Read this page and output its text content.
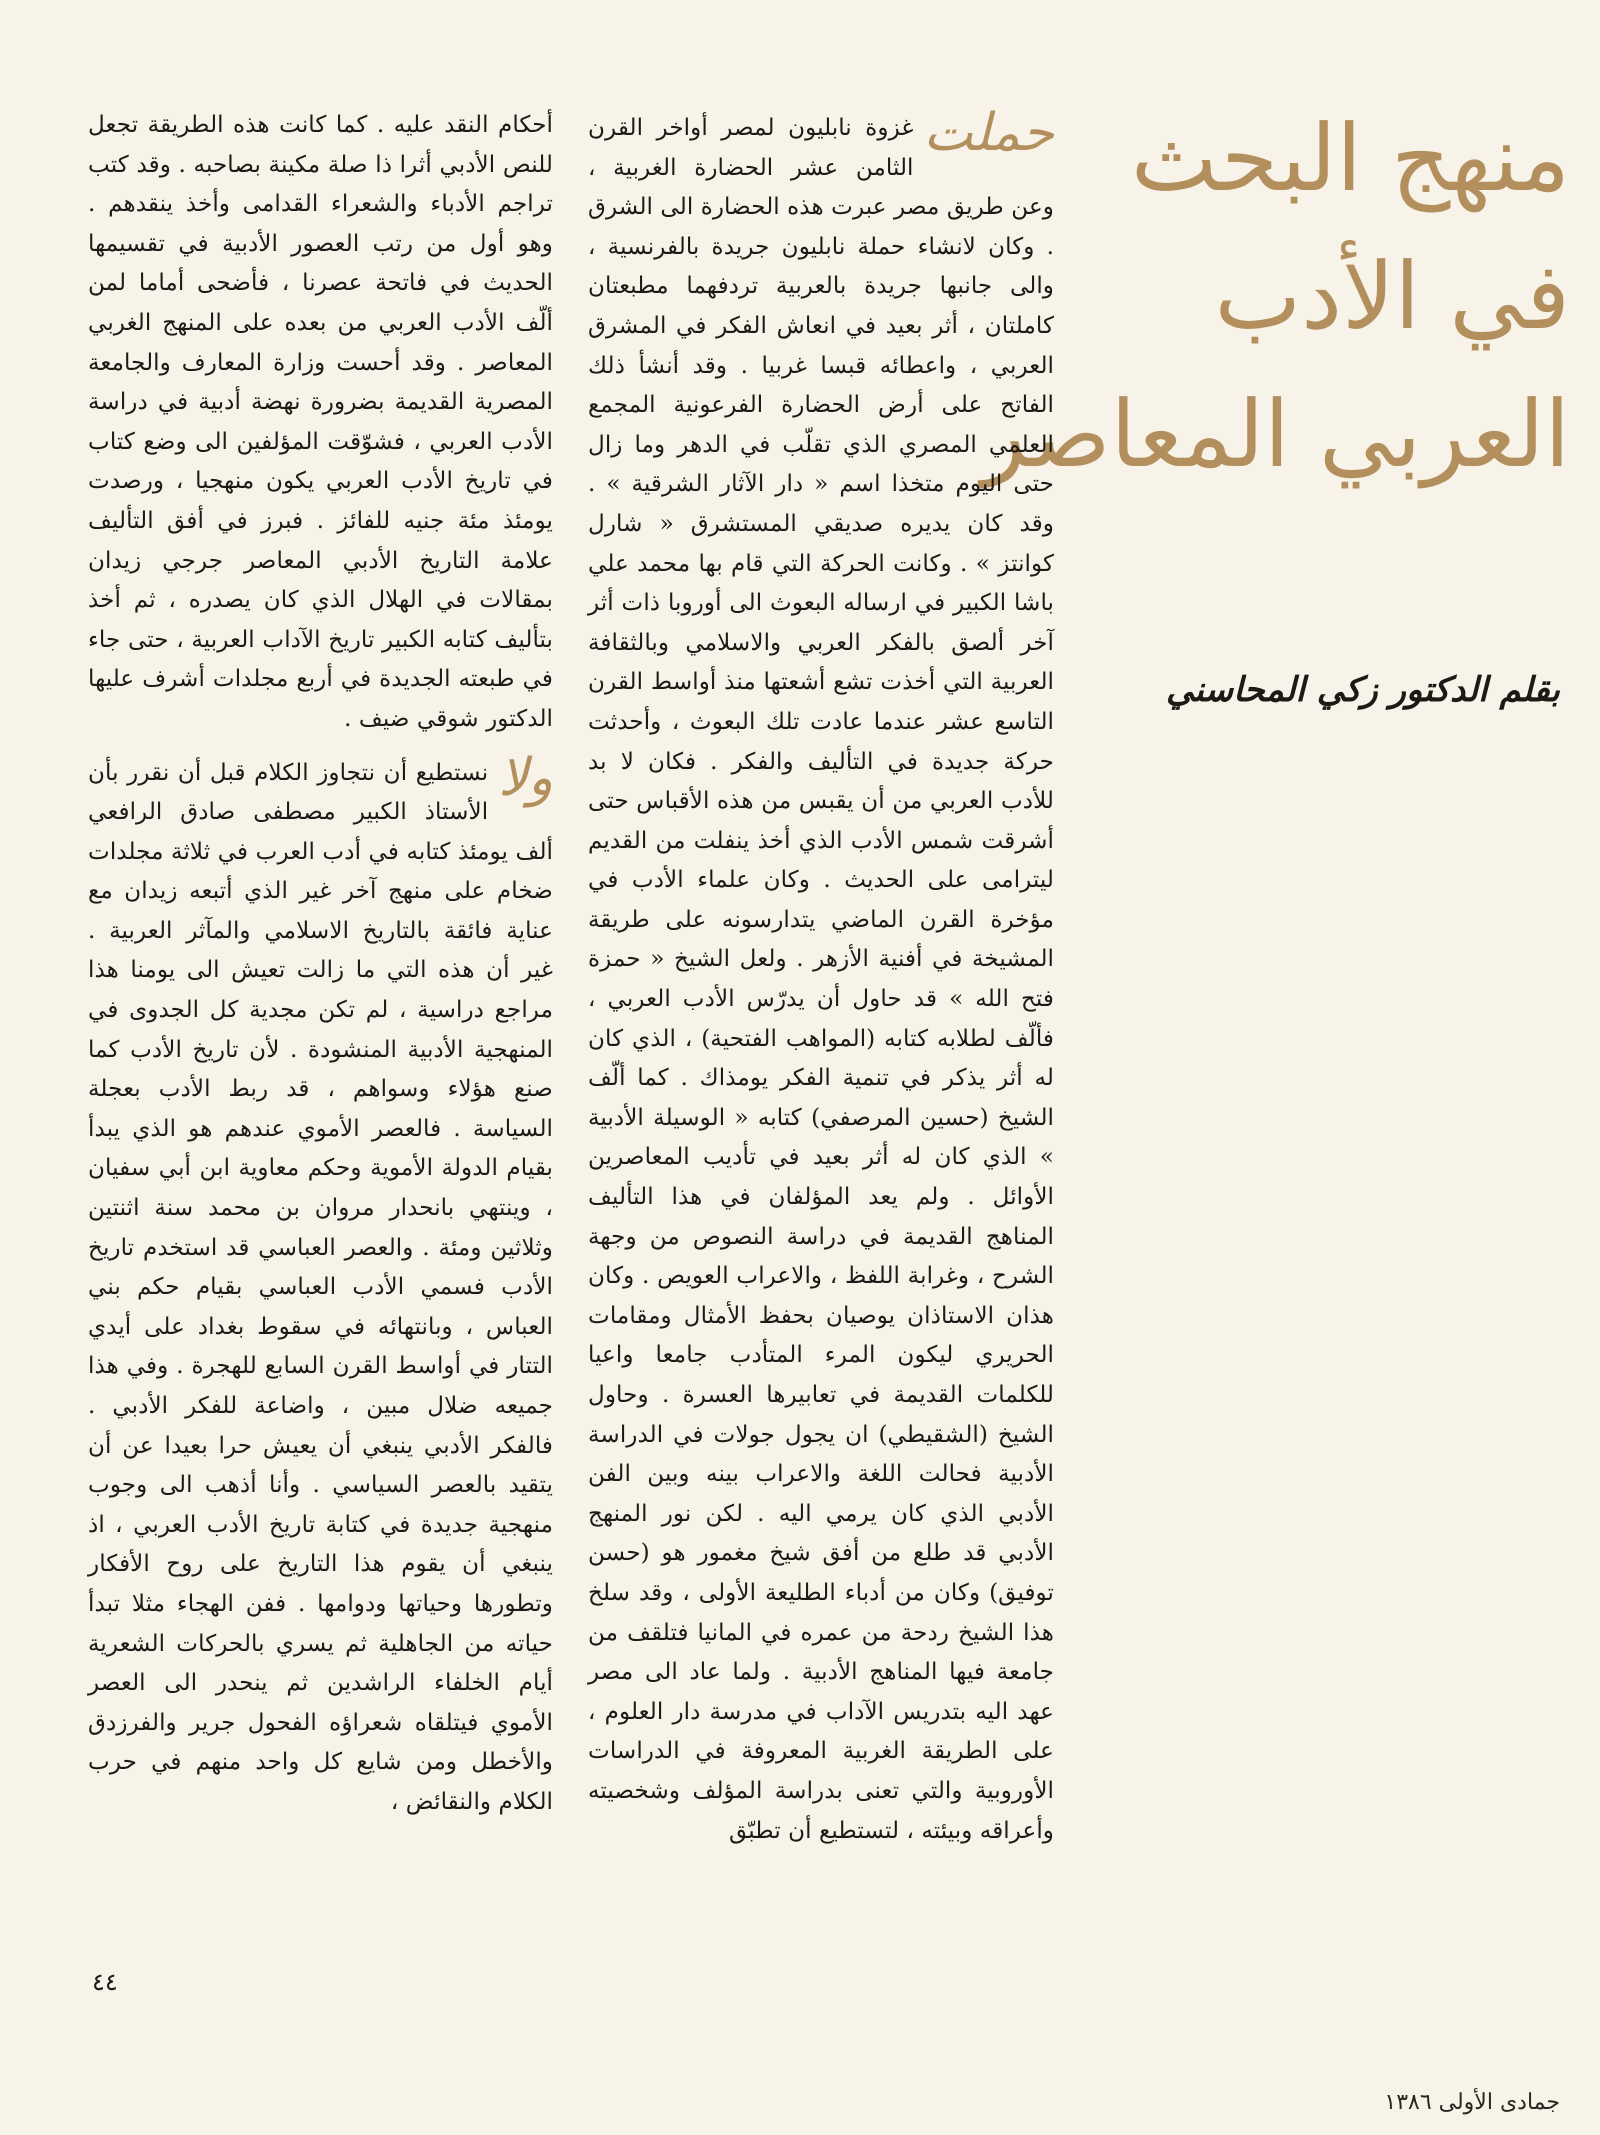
منهج البحث
في الأدب
العربي المعاصر
بقلم الدكتور زكي المحاسني

حملت
غزوة نابليون لمصر أواخر القرن الثامن عشر الحضارة الغربية ، وعن طريق مصر عبرت هذه الحضارة الى الشرق . وكان لانشاء حملة نابليون جريدة بالفرنسية ، والى جانبها جريدة بالعربية تردفهما مطبعتان كاملتان ، أثر بعيد في انعاش الفكر في المشرق العربي ، واعطائه قبسا غربيا . وقد أنشأ ذلك الفاتح على أرض الحضارة الفرعونية المجمع العلمي المصري الذي تقلّب في الدهر وما زال حتى اليوم متخذا اسم « دار الآثار الشرقية » . وقد كان يديره صديقي المستشرق « شارل كوانتز » . وكانت الحركة التي قام بها محمد علي باشا الكبير في ارساله البعوث الى أوروبا ذات أثر آخر ألصق بالفكر العربي والاسلامي وبالثقافة العربية التي أخذت تشع أشعتها منذ أواسط القرن التاسع عشر عندما عادت تلك البعوث ، وأحدثت حركة جديدة في التأليف والفكر . فكان لا بد للأدب العربي من أن يقبس من هذه الأقباس حتى أشرقت شمس الأدب الذي أخذ ينفلت من القديم ليترامى على الحديث . وكان علماء الأدب في مؤخرة القرن الماضي يتدارسونه على طريقة المشيخة في أفنية الأزهر . ولعل الشيخ « حمزة فتح الله » قد حاول أن يدرّس الأدب العربي ، فألّف لطلابه كتابه (المواهب الفتحية) ، الذي كان له أثر يذكر في تنمية الفكر يومذاك . كما ألّف الشيخ (حسين المرصفي) كتابه « الوسيلة الأدبية » الذي كان له أثر بعيد في تأديب المعاصرين الأوائل . ولم يعد المؤلفان في هذا التأليف المناهج القديمة في دراسة النصوص من وجهة الشرح ، وغرابة اللفظ ، والاعراب العويص . وكان هذان الاستاذان يوصيان بحفظ الأمثال ومقامات الحريري ليكون المرء المتأدب جامعا واعيا للكلمات القديمة في تعابيرها العسرة . وحاول الشيخ (الشقيطي) ان يجول جولات في الدراسة الأدبية فحالت اللغة والاعراب بينه وبين الفن الأدبي الذي كان يرمي اليه . لكن نور المنهج الأدبي قد طلع من أفق شيخ مغمور هو (حسن توفيق) وكان من أدباء الطليعة الأولى ، وقد سلخ هذا الشيخ ردحة من عمره في المانيا فتلقف من جامعة فيها المناهج الأدبية . ولما عاد الى مصر عهد اليه بتدريس الآداب في مدرسة دار العلوم ، على الطريقة الغربية المعروفة في الدراسات الأوروبية والتي تعنى بدراسة المؤلف وشخصيته وأعراقه وبيئته ، لتستطيع أن تطبّق

أحكام النقد عليه . كما كانت هذه الطريقة تجعل للنص الأدبي أثرا ذا صلة مكينة بصاحبه . وقد كتب تراجم الأدباء والشعراء القدامى وأخذ ينقدهم . وهو أول من رتب العصور الأدبية في تقسيمها الحديث في فاتحة عصرنا ، فأضحى أماما لمن ألّف الأدب العربي من بعده على المنهج الغربي المعاصر . وقد أحست وزارة المعارف والجامعة المصرية القديمة بضرورة نهضة أدبية في دراسة الأدب العربي ، فشوّقت المؤلفين الى وضع كتاب في تاريخ الأدب العربي يكون منهجيا ، ورصدت يومئذ مئة جنيه للفائز . فبرز في أفق التأليف علامة التاريخ الأدبي المعاصر جرجي زيدان بمقالات في الهلال الذي كان يصدره ، ثم أخذ بتأليف كتابه الكبير تاريخ الآداب العربية ، حتى جاء في طبعته الجديدة في أربع مجلدات أشرف عليها الدكتور شوقي ضيف .

ولا
نستطيع أن نتجاوز الكلام قبل أن نقرر بأن الأستاذ الكبير مصطفى صادق الرافعي ألف يومئذ كتابه في أدب العرب في ثلاثة مجلدات ضخام على منهج آخر غير الذي أتبعه زيدان مع عناية فائقة بالتاريخ الاسلامي والمآثر العربية . غير أن هذه التي ما زالت تعيش الى يومنا هذا مراجع دراسية ، لم تكن مجدية كل الجدوى في المنهجية الأدبية المنشودة . لأن تاريخ الأدب كما صنع هؤلاء وسواهم ، قد ربط الأدب بعجلة السياسة . فالعصر الأموي عندهم هو الذي يبدأ بقيام الدولة الأموية وحكم معاوية ابن أبي سفيان ، وينتهي بانحدار مروان بن محمد سنة اثنتين وثلاثين ومئة . والعصر العباسي قد استخدم تاريخ الأدب فسمي الأدب العباسي بقيام حكم بني العباس ، وبانتهائه في سقوط بغداد على أيدي التتار في أواسط القرن السابع للهجرة . وفي هذا جميعه ضلال مبين ، واضاعة للفكر الأدبي . فالفكر الأدبي ينبغي أن يعيش حرا بعيدا عن أن يتقيد بالعصر السياسي . وأنا أذهب الى وجوب منهجية جديدة في كتابة تاريخ الأدب العربي ، اذ ينبغي أن يقوم هذا التاريخ على روح الأفكار وتطورها وحياتها ودوامها . ففن الهجاء مثلا تبدأ حياته من الجاهلية ثم يسري بالحركات الشعرية أيام الخلفاء الراشدين ثم ينحدر الى العصر الأموي فيتلقاه شعراؤه الفحول جرير والفرزدق والأخطل ومن شايع كل واحد منهم في حرب الكلام والنقائض ،

٤٤
جمادى الأولى ١٣٨٦
